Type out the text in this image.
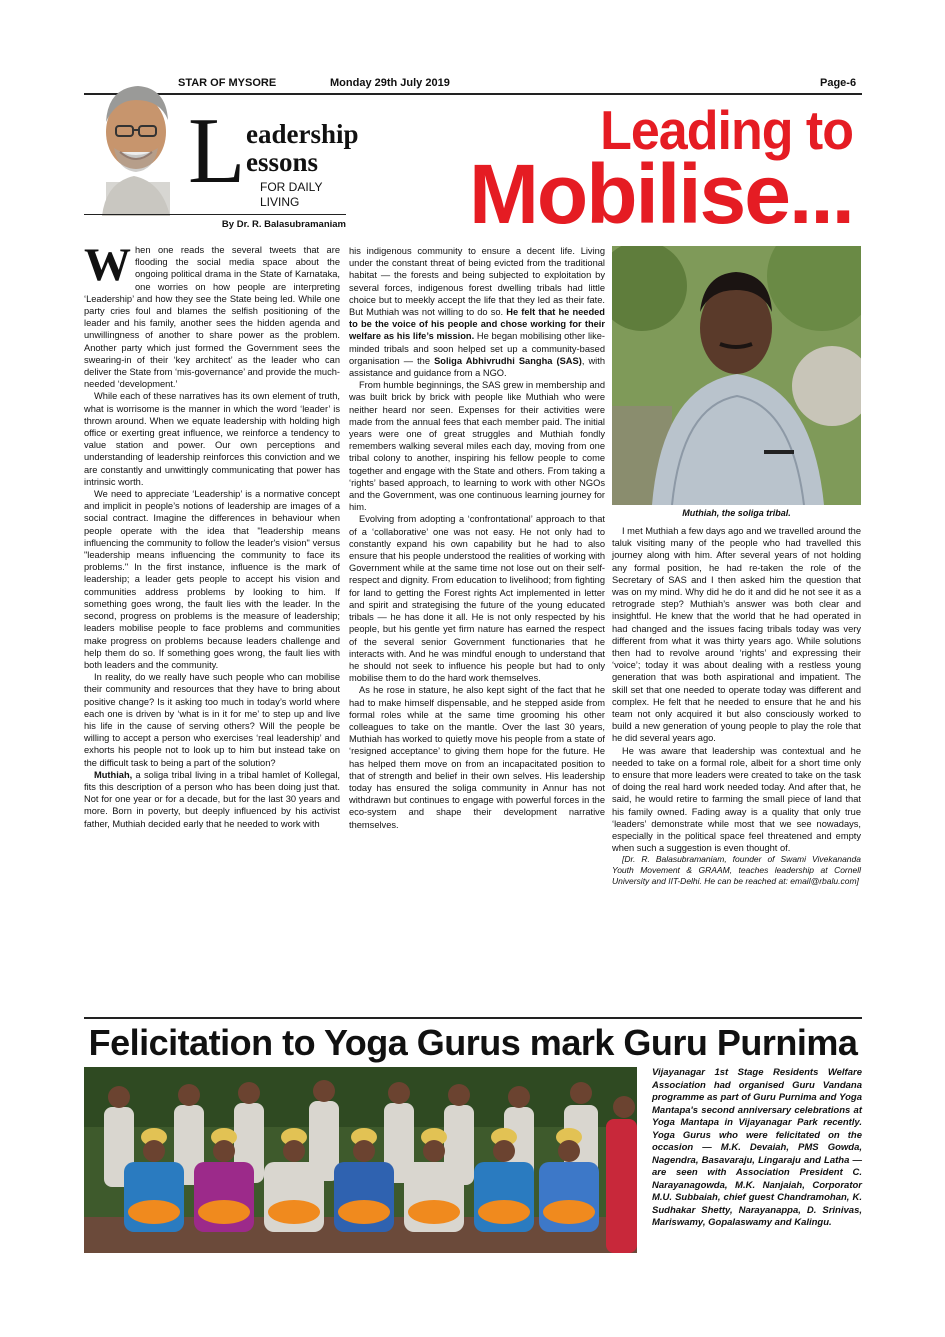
STAR OF MYSORE	Monday 29th July 2019	Page-6
L eadership
essons
FOR DAILY
LIVING
By Dr. R. Balasubramaniam
Leading to
Mobilise...

When one reads the several tweets that are flooding the social media space about the ongoing political drama in the State of Karnataka, one worries on how people are interpreting ‘Leadership’ and how they see the State being led. While one party cries foul and blames the selfish positioning of the leader and his family, another sees the hidden agenda and unwillingness of another to share power as the problem. Another party which just formed the Government sees the swearing-in of their ‘key architect’ as the leader who can deliver the State from ‘mis-governance’ and provide the much-needed ‘development.’

While each of these narratives has its own element of truth, what is worrisome is the manner in which the word ‘leader’ is thrown around. When we equate leadership with holding high office or exerting great influence, we reinforce a tendency to value station and power. Our own perceptions and understanding of leadership reinforces this conviction and we are constantly and unwittingly communicating that power has intrinsic worth.

We need to appreciate ‘Leadership’ is a normative concept and implicit in people’s notions of leadership are images of a social contract. Imagine the differences in behaviour when people operate with the idea that "leadership means influencing the community to follow the leader's vision" versus "leadership means influencing the community to face its problems." In the first instance, influence is the mark of leadership; a leader gets people to accept his vision and communities address problems by looking to him. If something goes wrong, the fault lies with the leader. In the second, progress on problems is the measure of leadership; leaders mobilise people to face problems and communities make progress on problems because leaders challenge and help them do so. If something goes wrong, the fault lies with both leaders and the community.

In reality, do we really have such people who can mobilise their community and resources that they have to bring about positive change? Is it asking too much in today’s world where each one is driven by ‘what is in it for me’ to step up and live his life in the cause of serving others? Will the people be willing to accept a person who exercises ‘real leadership’ and exhorts his people not to look up to him but instead take on the difficult task to being a part of the solution?

Muthiah, a soliga tribal living in a tribal hamlet of Kollegal, fits this description of a person who has been doing just that. Not for one year or for a decade, but for the last 30 years and more. Born in poverty, but deeply influenced by his activist father, Muthiah decided early that he needed to work with

his indigenous community to ensure a decent life. Living under the constant threat of being evicted from the traditional habitat — the forests and being subjected to exploitation by several forces, indigenous forest dwelling tribals had little choice but to meekly accept the life that they led as their fate. But Muthiah was not willing to do so. He felt that he needed to be the voice of his people and chose working for their welfare as his life’s mission. He began mobilising other like-minded tribals and soon helped set up a community-based organisation — the Soliga Abhivrudhi Sangha (SAS), with assistance and guidance from a NGO.

From humble beginnings, the SAS grew in membership and was built brick by brick with people like Muthiah who were neither heard nor seen. Expenses for their activities were made from the annual fees that each member paid. The initial years were one of great struggles and Muthiah fondly remembers walking several miles each day, moving from one tribal colony to another, inspiring his fellow people to come together and engage with the State and others. From taking a ‘rights’ based approach, to learning to work with other NGOs and the Government, was one continuous learning journey for him.

Evolving from adopting a ‘confrontational’ approach to that of a ‘collaborative’ one was not easy. He not only had to constantly expand his own capability but he had to also ensure that his people understood the realities of working with Government while at the same time not lose out on their self- respect and dignity. From education to livelihood; from fighting for land to getting the Forest rights Act implemented in letter and spirit and strategising the future of the young educated tribals — he has done it all. He is not only respected by his people, but his gentle yet firm nature has earned the respect of the several senior Government functionaries that he interacts with. And he was mindful enough to understand that he should not seek to influence his people but had to only mobilise them to do the hard work themselves.

As he rose in stature, he also kept sight of the fact that he had to make himself dispensable, and he stepped aside from formal roles while at the same time grooming his other colleagues to take on the mantle. Over the last 30 years, Muthiah has worked to quietly move his people from a state of ‘resigned acceptance’ to giving them hope for the future. He has helped them move on from an incapacitated position to that of strength and belief in their own selves. His leadership today has ensured the soliga community in Annur has not withdrawn but continues to engage with powerful forces in the eco-system and shape their development narrative themselves.

Muthiah, the soliga tribal.

I met Muthiah a few days ago and we travelled around the taluk visiting many of the people who had travelled this journey along with him. After several years of not holding any formal position, he had re-taken the role of the Secretary of SAS and I then asked him the question that was on my mind. Why did he do it and did he not see it as a retrograde step? Muthiah’s answer was both clear and insightful. He knew that the world that he had operated in had changed and the issues facing tribals today was very different from what it was thirty years ago. While solutions then had to revolve around ‘rights’ and expressing their ‘voice’; today it was about dealing with a restless young generation that was both aspirational and impatient. The skill set that one needed to operate today was different and complex. He felt that he needed to ensure that he and his team not only acquired it but also consciously worked to build a new generation of young people to play the role that he did several years ago.

He was aware that leadership was contextual and he needed to take on a formal role, albeit for a short time only to ensure that more leaders were created to take on the task of doing the real hard work needed today. And after that, he said, he would retire to farming the small piece of land that his family owned. Fading away is a quality that only true ‘leaders’ demonstrate while most that we see nowadays, especially in the political space feel threatened and empty when such a suggestion is even thought of.

[Dr. R. Balasubramaniam, founder of Swami Vivekananda Youth Movement & GRAAM, teaches leadership at Cornell University and IIT-Delhi. He can be reached at: email@rbalu.com]

Felicitation to Yoga Gurus mark Guru Purnima
Vijayanagar 1st Stage Residents Welfare Association had organised Guru Vandana programme as part of Guru Purnima and Yoga Mantapa's second anniversary celebrations at Yoga Mantapa in Vijayanagar Park recently. Yoga Gurus who were felicitated on the occasion — M.K. Devaiah, PMS Gowda, Nagendra, Basavaraju, Lingaraju and Latha — are seen with Association President C. Narayanagowda, M.K. Nanjaiah, Corporator M.U. Subbaiah, chief guest Chandramohan, K. Sudhakar Shetty, Narayanappa, D. Srinivas, Mariswamy, Gopalaswamy and Kalingu.
